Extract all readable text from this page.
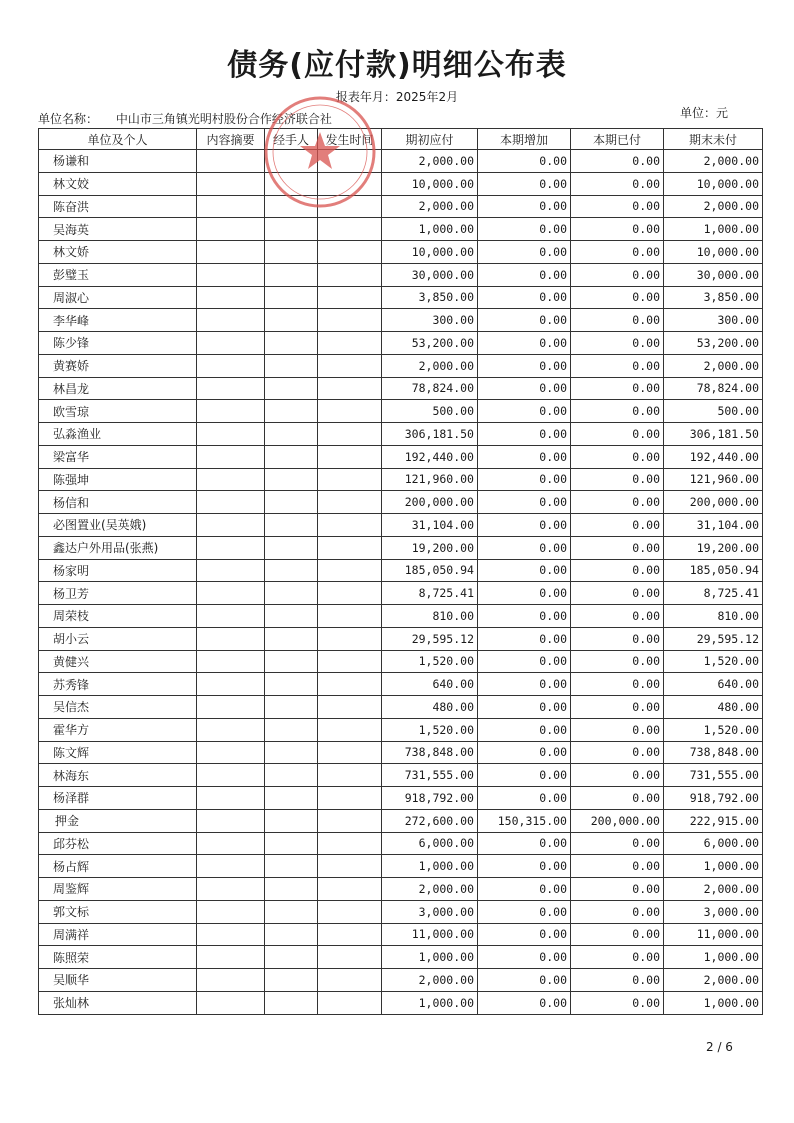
债务(应付款)明细公布表
报表年月：2025年2月
单位名称： 中山市三角镇光明村股份合作经济联合社	单位：元
单位及个人	内容摘要	经手人	发生时间	期初应付	本期增加	本期已付	期末未付
杨谦和				2,000.00	0.00	0.00	2,000.00
林文姣				10,000.00	0.00	0.00	10,000.00
陈奋洪				2,000.00	0.00	0.00	2,000.00
吴海英				1,000.00	0.00	0.00	1,000.00
林文娇				10,000.00	0.00	0.00	10,000.00
彭璧玉				30,000.00	0.00	0.00	30,000.00
周淑心				3,850.00	0.00	0.00	3,850.00
李华峰				300.00	0.00	0.00	300.00
陈少锋				53,200.00	0.00	0.00	53,200.00
黄赛娇				2,000.00	0.00	0.00	2,000.00
林昌龙				78,824.00	0.00	0.00	78,824.00
欧雪琼				500.00	0.00	0.00	500.00
弘淼渔业				306,181.50	0.00	0.00	306,181.50
梁富华				192,440.00	0.00	0.00	192,440.00
陈强坤				121,960.00	0.00	0.00	121,960.00
杨信和				200,000.00	0.00	0.00	200,000.00
必图置业(吴英娥)				31,104.00	0.00	0.00	31,104.00
鑫达户外用品(张燕)				19,200.00	0.00	0.00	19,200.00
杨家明				185,050.94	0.00	0.00	185,050.94
杨卫芳				8,725.41	0.00	0.00	8,725.41
周荣枝				810.00	0.00	0.00	810.00
胡小云				29,595.12	0.00	0.00	29,595.12
黄健兴				1,520.00	0.00	0.00	1,520.00
苏秀锋				640.00	0.00	0.00	640.00
吴信杰				480.00	0.00	0.00	480.00
霍华方				1,520.00	0.00	0.00	1,520.00
陈文辉				738,848.00	0.00	0.00	738,848.00
林海东				731,555.00	0.00	0.00	731,555.00
杨泽群				918,792.00	0.00	0.00	918,792.00
押金				272,600.00	150,315.00	200,000.00	222,915.00
邱芬松				6,000.00	0.00	0.00	6,000.00
杨占辉				1,000.00	0.00	0.00	1,000.00
周鉴辉				2,000.00	0.00	0.00	2,000.00
郭文标				3,000.00	0.00	0.00	3,000.00
周满祥				11,000.00	0.00	0.00	11,000.00
陈照荣				1,000.00	0.00	0.00	1,000.00
吴顺华				2,000.00	0.00	0.00	2,000.00
张灿林				1,000.00	0.00	0.00	1,000.00
2 / 6
